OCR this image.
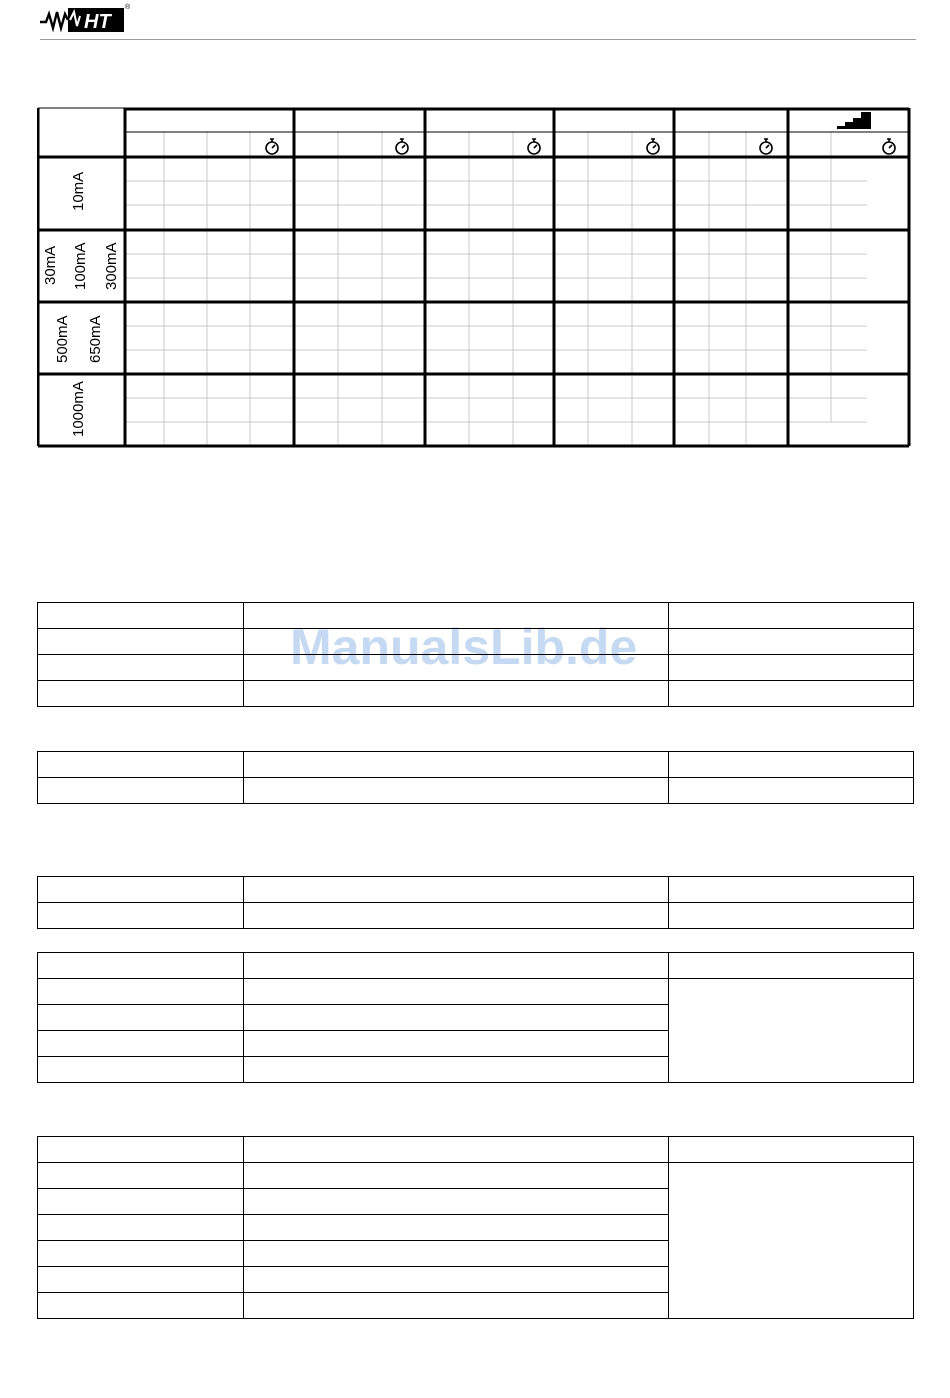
HT
®
10mA
30mA 100mA 300mA
500mA 650mA
1000mA
ManualsLib.de
